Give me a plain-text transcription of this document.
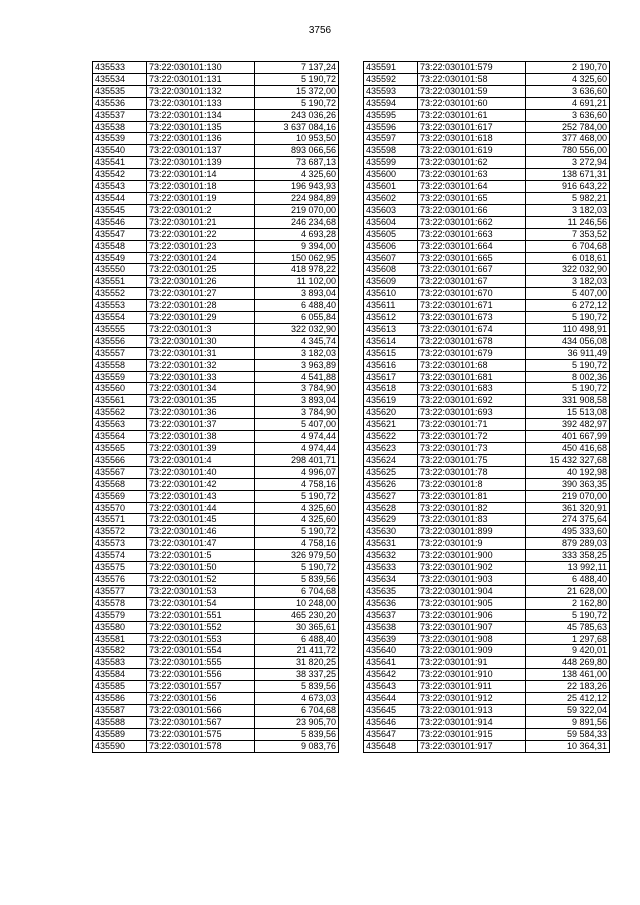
3756
435533	73:22:030101:130	7 137,24
435534	73:22:030101:131	5 190,72
435535	73:22:030101:132	15 372,00
435536	73:22:030101:133	5 190,72
435537	73:22:030101:134	243 036,26
435538	73:22:030101:135	3 637 084,16
435539	73:22:030101:136	10 953,50
435540	73:22:030101:137	893 066,56
435541	73:22:030101:139	73 687,13
435542	73:22:030101:14	4 325,60
435543	73:22:030101:18	196 943,93
435544	73:22:030101:19	224 984,89
435545	73:22:030101:2	219 070,00
435546	73:22:030101:21	246 234,68
435547	73:22:030101:22	4 693,28
435548	73:22:030101:23	9 394,00
435549	73:22:030101:24	150 062,95
435550	73:22:030101:25	418 978,22
435551	73:22:030101:26	11 102,00
435552	73:22:030101:27	3 893,04
435553	73:22:030101:28	6 488,40
435554	73:22:030101:29	6 055,84
435555	73:22:030101:3	322 032,90
435556	73:22:030101:30	4 345,74
435557	73:22:030101:31	3 182,03
435558	73:22:030101:32	3 963,89
435559	73:22:030101:33	4 541,88
435560	73:22:030101:34	3 784,90
435561	73:22:030101:35	3 893,04
435562	73:22:030101:36	3 784,90
435563	73:22:030101:37	5 407,00
435564	73:22:030101:38	4 974,44
435565	73:22:030101:39	4 974,44
435566	73:22:030101:4	298 401,71
435567	73:22:030101:40	4 996,07
435568	73:22:030101:42	4 758,16
435569	73:22:030101:43	5 190,72
435570	73:22:030101:44	4 325,60
435571	73:22:030101:45	4 325,60
435572	73:22:030101:46	5 190,72
435573	73:22:030101:47	4 758,16
435574	73:22:030101:5	326 979,50
435575	73:22:030101:50	5 190,72
435576	73:22:030101:52	5 839,56
435577	73:22:030101:53	6 704,68
435578	73:22:030101:54	10 248,00
435579	73:22:030101:551	465 230,20
435580	73:22:030101:552	30 365,61
435581	73:22:030101:553	6 488,40
435582	73:22:030101:554	21 411,72
435583	73:22:030101:555	31 820,25
435584	73:22:030101:556	38 337,25
435585	73:22:030101:557	5 839,56
435586	73:22:030101:56	4 673,03
435587	73:22:030101:566	6 704,68
435588	73:22:030101:567	23 905,70
435589	73:22:030101:575	5 839,56
435590	73:22:030101:578	9 083,76
435591	73:22:030101:579	2 190,70
435592	73:22:030101:58	4 325,60
435593	73:22:030101:59	3 636,60
435594	73:22:030101:60	4 691,21
435595	73:22:030101:61	3 636,60
435596	73:22:030101:617	252 784,00
435597	73:22:030101:618	377 468,00
435598	73:22:030101:619	780 556,00
435599	73:22:030101:62	3 272,94
435600	73:22:030101:63	138 671,31
435601	73:22:030101:64	916 643,22
435602	73:22:030101:65	5 982,21
435603	73:22:030101:66	3 182,03
435604	73:22:030101:662	11 246,56
435605	73:22:030101:663	7 353,52
435606	73:22:030101:664	6 704,68
435607	73:22:030101:665	6 018,61
435608	73:22:030101:667	322 032,90
435609	73:22:030101:67	3 182,03
435610	73:22:030101:670	5 407,00
435611	73:22:030101:671	6 272,12
435612	73:22:030101:673	5 190,72
435613	73:22:030101:674	110 498,91
435614	73:22:030101:678	434 056,08
435615	73:22:030101:679	36 911,49
435616	73:22:030101:68	5 190,72
435617	73:22:030101:681	8 002,36
435618	73:22:030101:683	5 190,72
435619	73:22:030101:692	331 908,58
435620	73:22:030101:693	15 513,08
435621	73:22:030101:71	392 482,97
435622	73:22:030101:72	401 667,99
435623	73:22:030101:73	450 416,68
435624	73:22:030101:75	15 432 327,68
435625	73:22:030101:78	40 192,98
435626	73:22:030101:8	390 363,35
435627	73:22:030101:81	219 070,00
435628	73:22:030101:82	361 320,91
435629	73:22:030101:83	274 375,64
435630	73:22:030101:899	495 333,60
435631	73:22:030101:9	879 289,03
435632	73:22:030101:900	333 358,25
435633	73:22:030101:902	13 992,11
435634	73:22:030101:903	6 488,40
435635	73:22:030101:904	21 628,00
435636	73:22:030101:905	2 162,80
435637	73:22:030101:906	5 190,72
435638	73:22:030101:907	45 785,63
435639	73:22:030101:908	1 297,68
435640	73:22:030101:909	9 420,01
435641	73:22:030101:91	448 269,80
435642	73:22:030101:910	138 461,00
435643	73:22:030101:911	22 183,26
435644	73:22:030101:912	25 412,12
435645	73:22:030101:913	59 322,04
435646	73:22:030101:914	9 891,56
435647	73:22:030101:915	59 584,33
435648	73:22:030101:917	10 364,31
